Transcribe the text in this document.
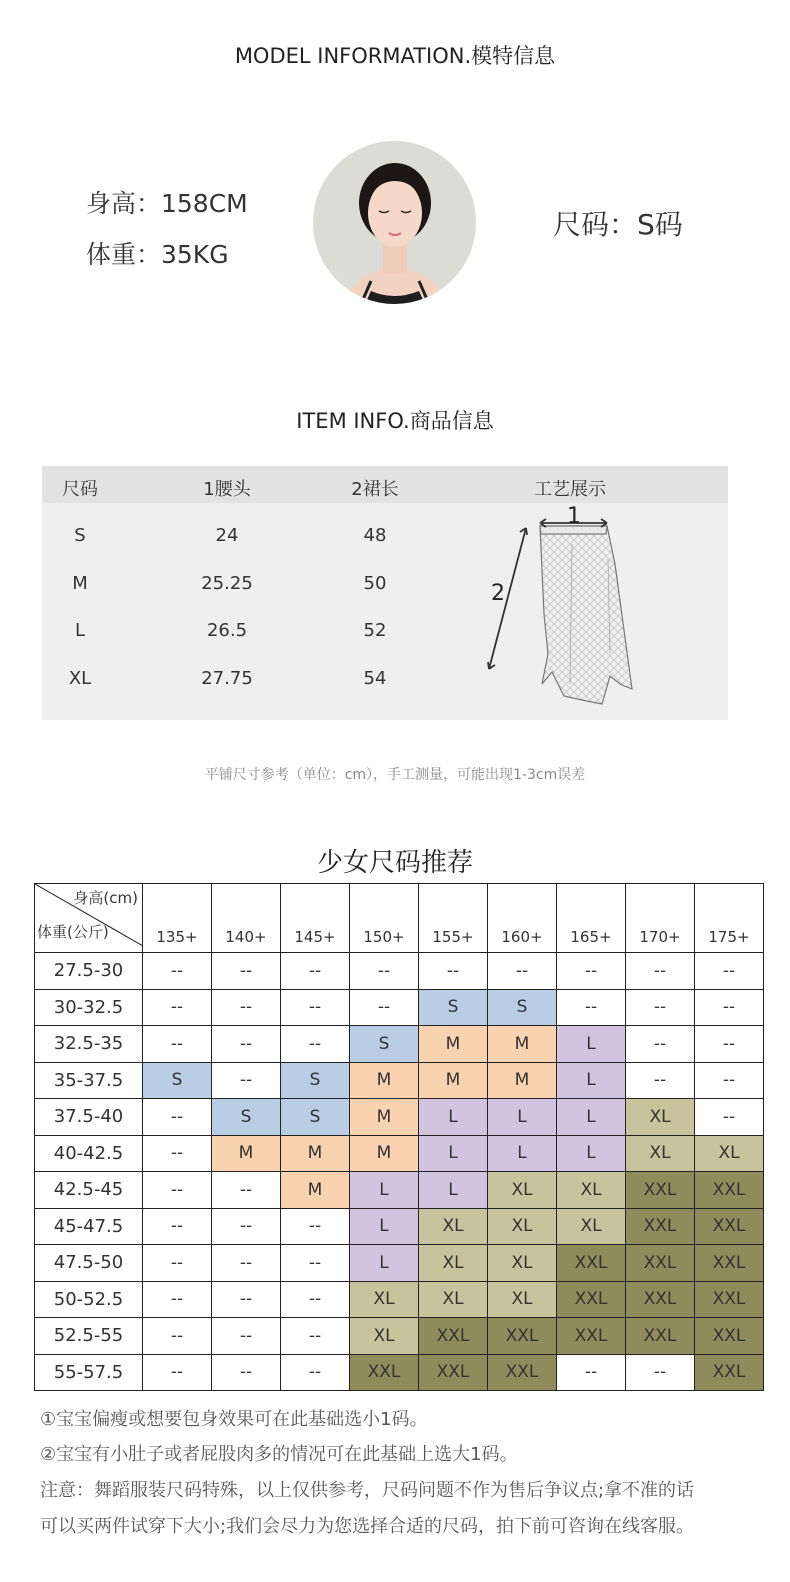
MODEL INFORMATION.模特信息
身高：158CM
体重：35KG
尺码：S码
ITEM INFO.商品信息
尺码	1腰头	2裙长	工艺展示
S	24	48
M	25.25	50
L	26.5	52
XL	27.75	54
1
2
平铺尺寸参考（单位：cm），手工测量，可能出现1-3cm误差
少女尺码推荐
身高(cm)
体重(公斤)	135+	140+	145+	150+	155+	160+	165+	170+	175+
27.5-30	--	--	--	--	--	--	--	--	--
30-32.5	--	--	--	--	S	S	--	--	--
32.5-35	--	--	--	S	M	M	L	--	--
35-37.5	S	--	S	M	M	M	L	--	--
37.5-40	--	S	S	M	L	L	L	XL	--
40-42.5	--	M	M	M	L	L	L	XL	XL
42.5-45	--	--	M	L	L	XL	XL	XXL	XXL
45-47.5	--	--	--	L	XL	XL	XL	XXL	XXL
47.5-50	--	--	--	L	XL	XL	XXL	XXL	XXL
50-52.5	--	--	--	XL	XL	XL	XXL	XXL	XXL
52.5-55	--	--	--	XL	XXL	XXL	XXL	XXL	XXL
55-57.5	--	--	--	XXL	XXL	XXL	--	--	XXL
①宝宝偏瘦或想要包身效果可在此基础选小1码。
②宝宝有小肚子或者屁股肉多的情况可在此基础上选大1码。
注意：舞蹈服装尺码特殊，以上仅供参考，尺码问题不作为售后争议点;拿不准的话
可以买两件试穿下大小;我们会尽力为您选择合适的尺码，拍下前可咨询在线客服。
